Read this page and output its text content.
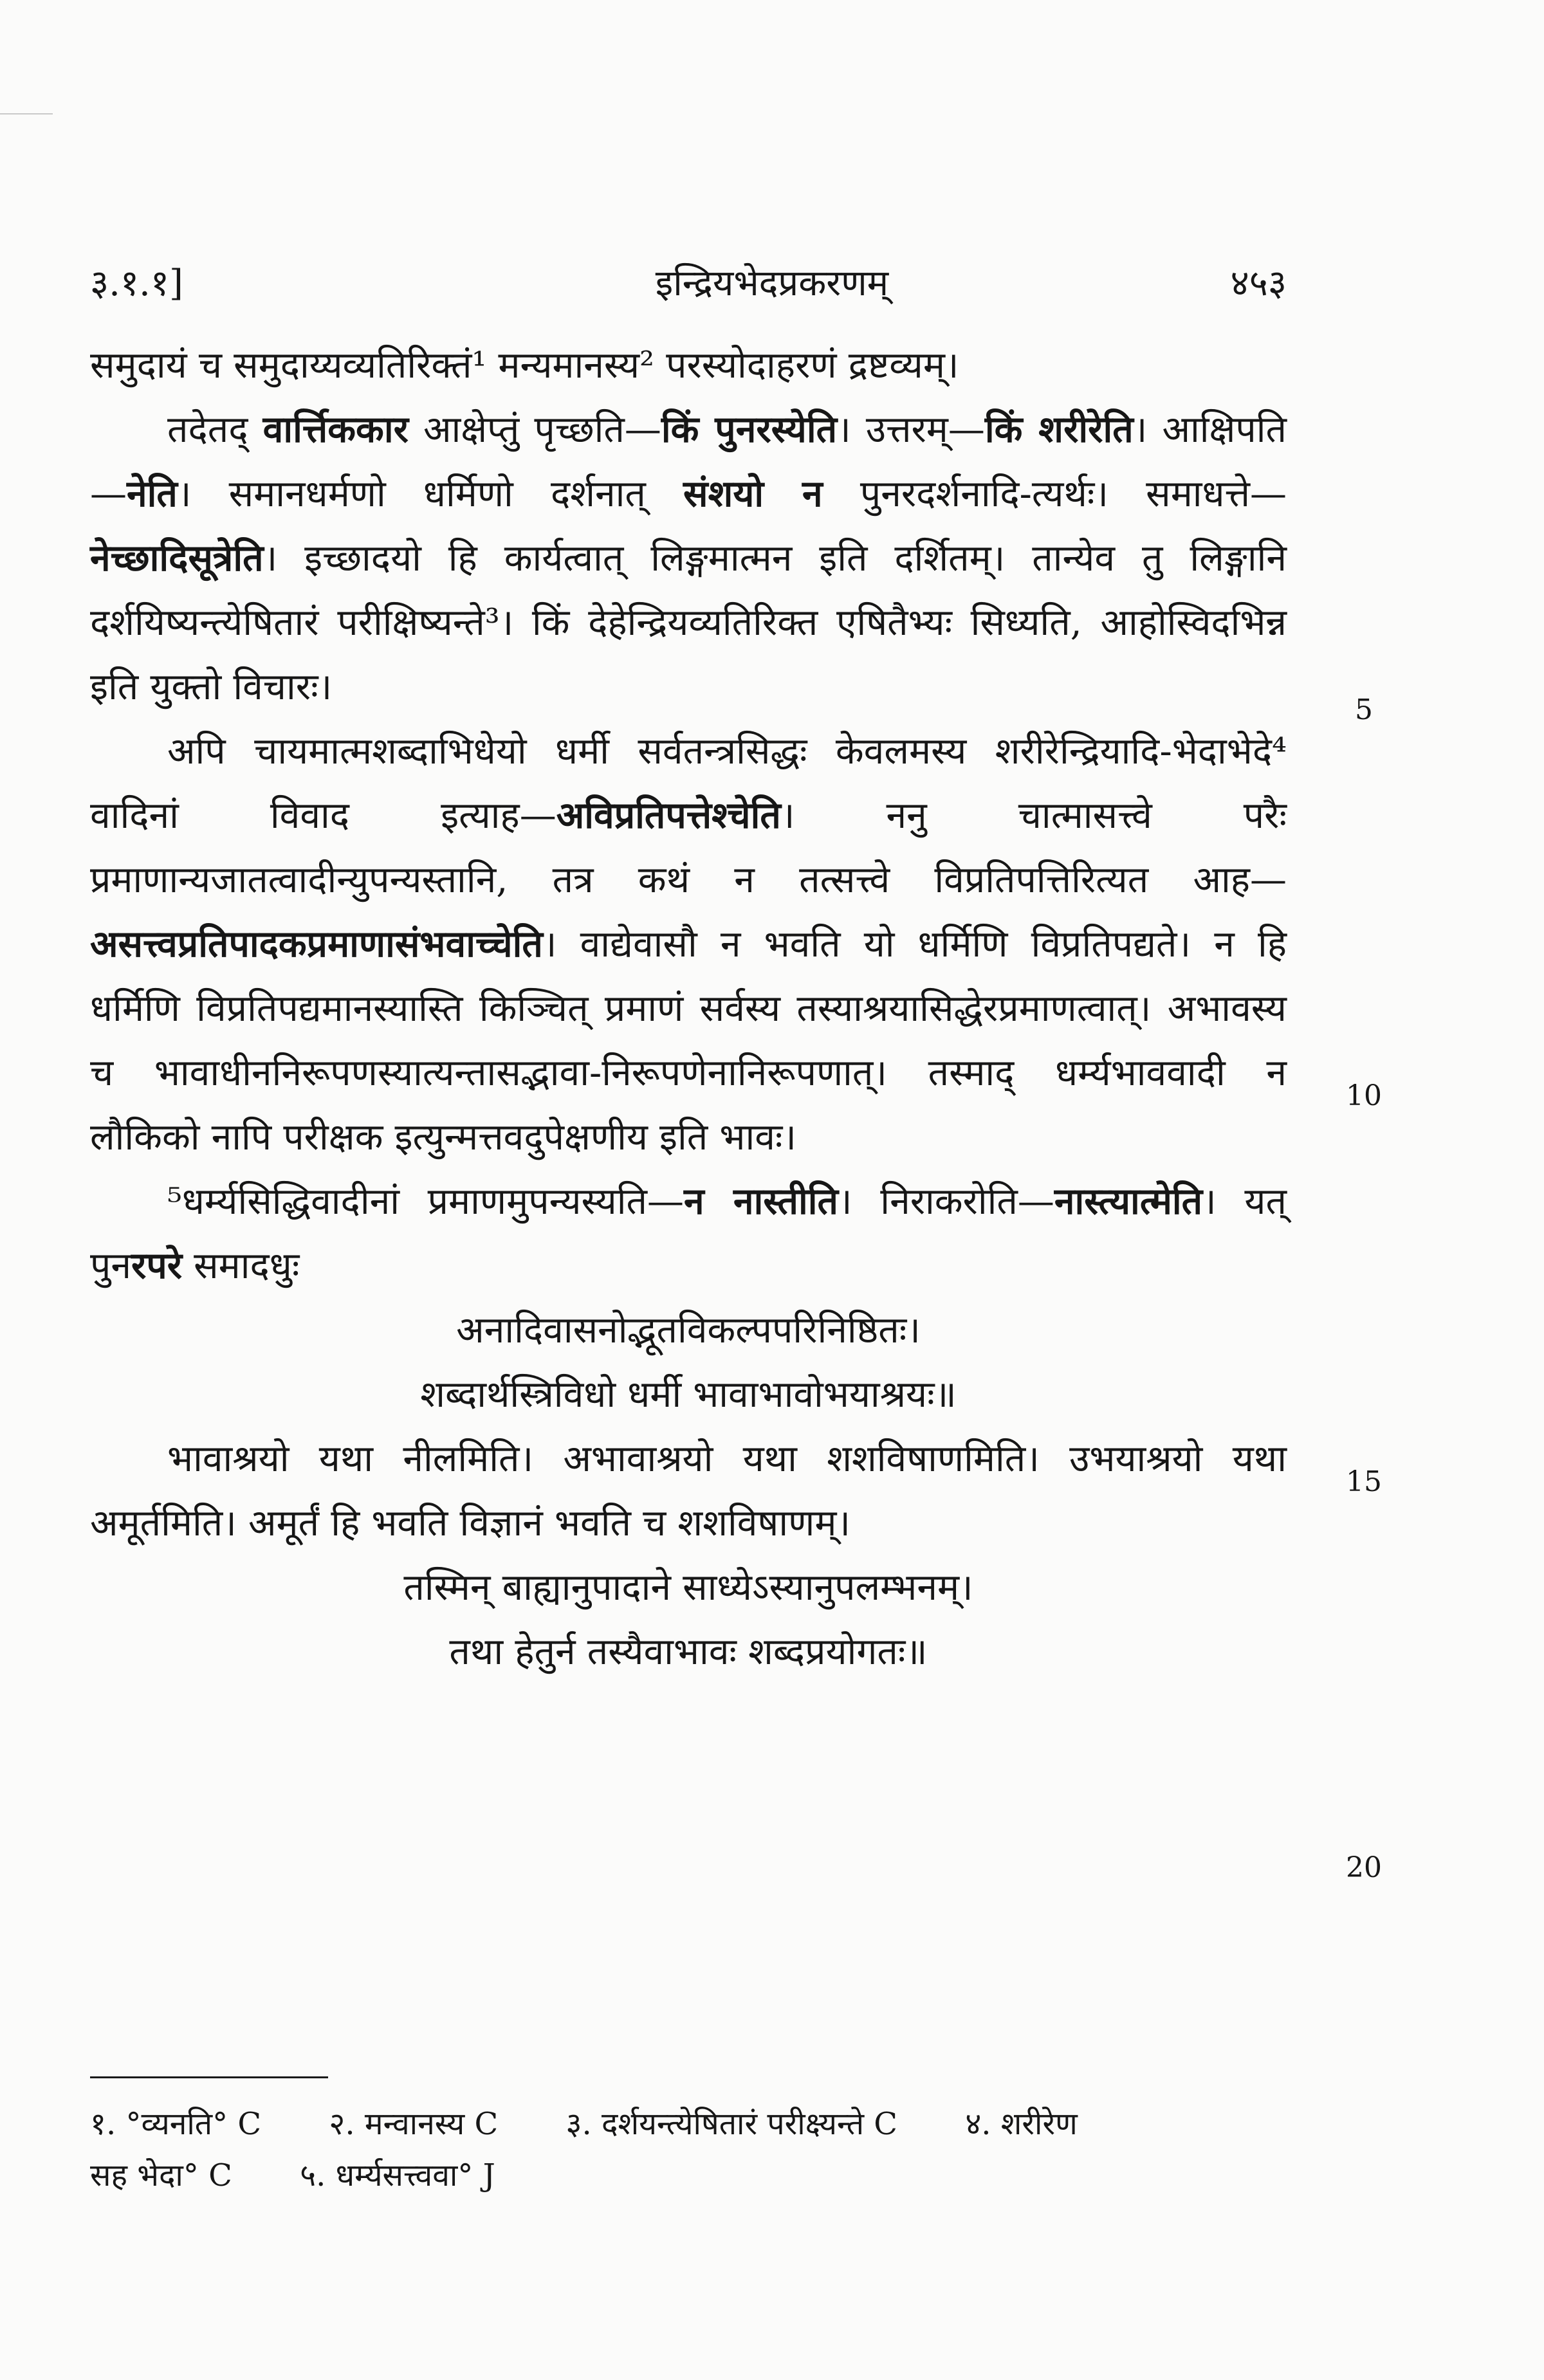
३.१.१]	इन्द्रियभेदप्रकरणम्	४५३

समुदायं च समुदाय्यव्यतिरिक्तं¹ मन्यमानस्य² परस्योदाहरणं द्रष्टव्यम्।

तदेतद् वार्त्तिककार आक्षेप्तुं पृच्छति—किं पुनरस्येति। उत्तरम्—किं शरीरेति। आक्षिपति—नेति। समानधर्मणो धर्मिणो दर्शनात् संशयो न पुनरदर्शनादि-त्यर्थः। समाधत्ते—नेच्छादिसूत्रेति। इच्छादयो हि कार्यत्वात् लिङ्गमात्मन इति दर्शितम्। तान्येव तु लिङ्गानि दर्शयिष्यन्त्येषितारं परीक्षिष्यन्ते³। किं देहेन्द्रियव्यतिरिक्त एषितैभ्यः सिध्यति, आहोस्विदभिन्न इति युक्तो विचारः।

अपि चायमात्मशब्दाभिधेयो धर्मी सर्वतन्त्रसिद्धः केवलमस्य शरीरेन्द्रियादि-भेदाभेदे⁴ वादिनां विवाद इत्याह—अविप्रतिपत्तेश्चेति। ननु चात्मासत्त्वे परैः प्रमाणान्यजातत्वादीन्युपन्यस्तानि, तत्र कथं न तत्सत्त्वे विप्रतिपत्तिरित्यत आह—असत्त्वप्रतिपादकप्रमाणासंभवाच्चेति। वाद्येवासौ न भवति यो धर्मिणि विप्रतिपद्यते। न हि धर्मिणि विप्रतिपद्यमानस्यास्ति किञ्चित् प्रमाणं सर्वस्य तस्याश्रयासिद्धेरप्रमाणत्वात्। अभावस्य च भावाधीननिरूपणस्यात्यन्तासद्भावा-निरूपणेनानिरूपणात्। तस्माद् धर्म्यभाववादी न लौकिको नापि परीक्षक इत्युन्मत्तवदुपेक्षणीय इति भावः।

⁵धर्म्यसिद्धिवादीनां प्रमाणमुपन्यस्यति—न नास्तीति। निराकरोति—नास्त्यात्मेति। यत् पुनरपरे समादधुः

अनादिवासनोद्भूतविकल्पपरिनिष्ठितः।

शब्दार्थस्त्रिविधो धर्मी भावाभावोभयाश्रयः॥

भावाश्रयो यथा नीलमिति। अभावाश्रयो यथा शशविषाणमिति। उभयाश्रयो यथा अमूर्तमिति। अमूर्तं हि भवति विज्ञानं भवति च शशविषाणम्।

तस्मिन् बाह्यानुपादाने साध्येऽस्यानुपलम्भनम्।

तथा हेतुर्न तस्यैवाभावः शब्दप्रयोगतः॥

5
10
15
20
१. °व्यनति° C २. मन्वानस्य C ३. दर्शयन्त्येषितारं परीक्ष्यन्ते C ४. शरीरेण
सह भेदा° C ५. धर्म्यसत्त्ववा° J
